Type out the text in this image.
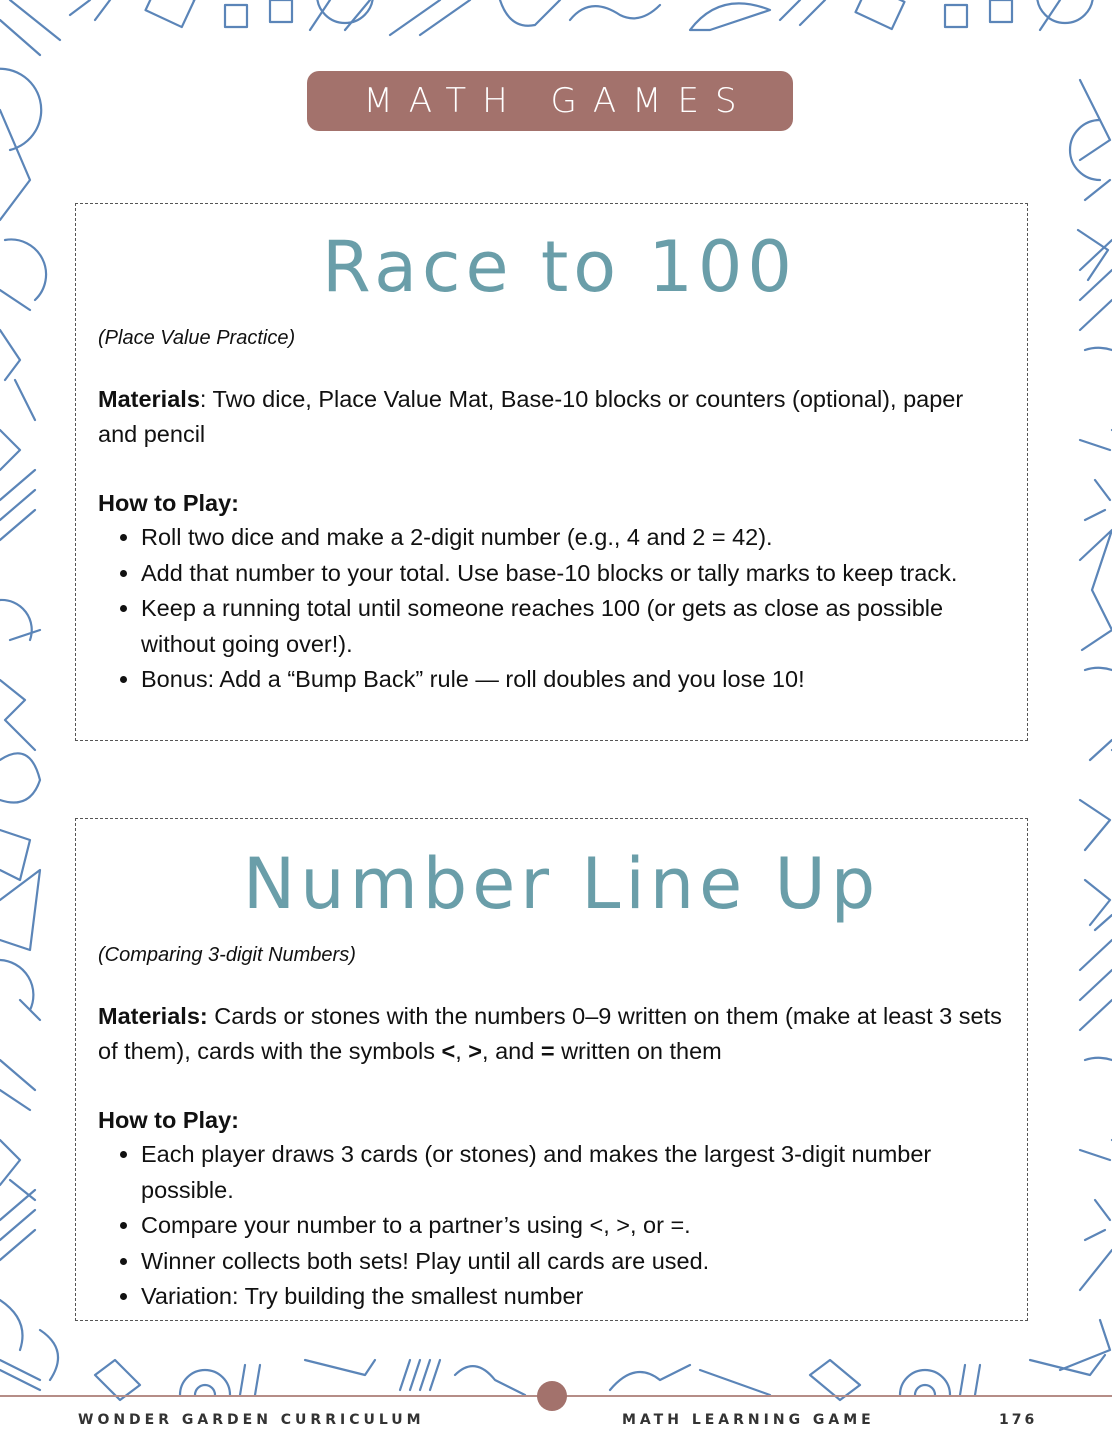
MATH GAMES
Race to 100

(Place Value Practice)

Materials: Two dice, Place Value Mat, Base-10 blocks or counters (optional), paper and pencil

How to Play:
• Roll two dice and make a 2-digit number (e.g., 4 and 2 = 42).
• Add that number to your total. Use base-10 blocks or tally marks to keep track.
• Keep a running total until someone reaches 100 (or gets as close as possible without going over!).
• Bonus: Add a “Bump Back” rule — roll doubles and you lose 10!
Number Line Up

(Comparing 3-digit Numbers)

Materials: Cards or stones with the numbers 0–9 written on them (make at least 3 sets of them), cards with the symbols <, >, and = written on them

How to Play:
• Each player draws 3 cards (or stones) and makes the largest 3-digit number possible.
• Compare your number to a partner’s using <, >, or =.
• Winner collects both sets! Play until all cards are used.
• Variation: Try building the smallest number
WONDER GARDEN CURRICULUM	MATH LEARNING GAME	176
